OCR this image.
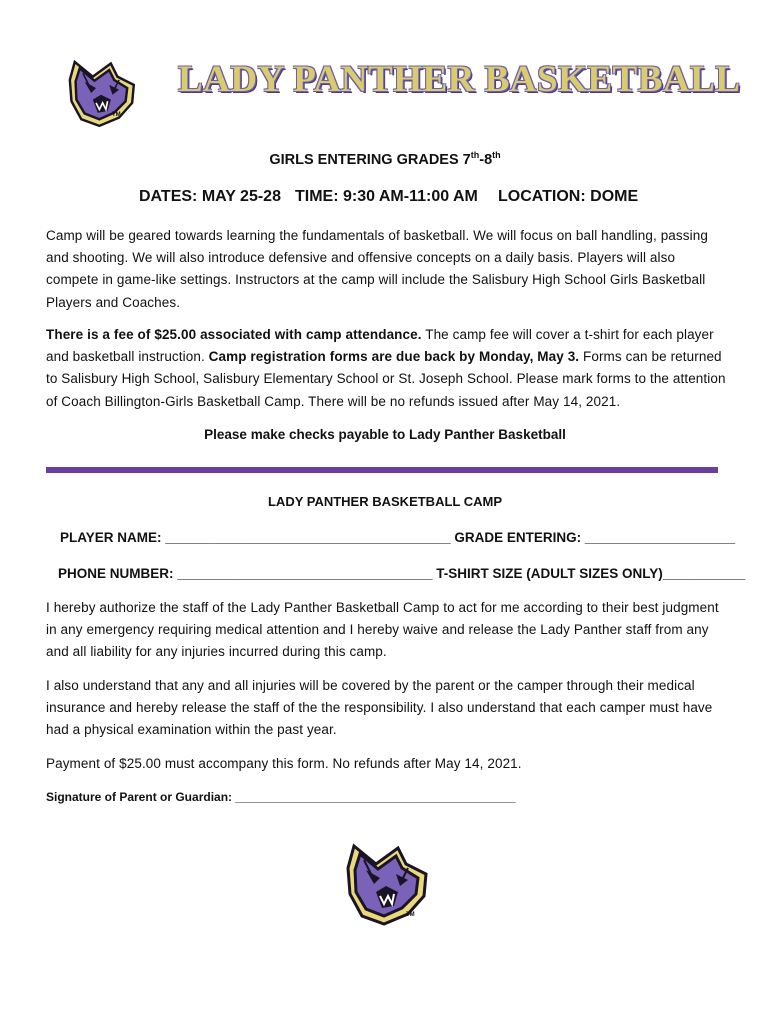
TM
LADY PANTHER BASKETBALL
GIRLS ENTERING GRADES 7th-8th
DATES: MAY 25-28 TIME: 9:30 AM-11:00 AM LOCATION: DOME
Camp will be geared towards learning the fundamentals of basketball. We will focus on ball handling, passing and shooting. We will also introduce defensive and offensive concepts on a daily basis. Players will also compete in game-like settings. Instructors at the camp will include the Salisbury High School Girls Basketball Players and Coaches.
There is a fee of $25.00 associated with camp attendance. The camp fee will cover a t-shirt for each player and basketball instruction. Camp registration forms are due back by Monday, May 3. Forms can be returned to Salisbury High School, Salisbury Elementary School or St. Joseph School. Please mark forms to the attention of Coach Billington-Girls Basketball Camp. There will be no refunds issued after May 14, 2021.
Please make checks payable to Lady Panther Basketball
LADY PANTHER BASKETBALL CAMP
PLAYER NAME: ______________________________________ GRADE ENTERING: ____________________
PHONE NUMBER: __________________________________ T-SHIRT SIZE (ADULT SIZES ONLY)___________
I hereby authorize the staff of the Lady Panther Basketball Camp to act for me according to their best judgment in any emergency requiring medical attention and I hereby waive and release the Lady Panther staff from any and all liability for any injuries incurred during this camp.
I also understand that any and all injuries will be covered by the parent or the camper through their medical insurance and hereby release the staff of the the responsibility. I also understand that each camper must have had a physical examination within the past year.
Payment of $25.00 must accompany this form. No refunds after May 14, 2021.
Signature of Parent or Guardian: __________________________________________
TM
